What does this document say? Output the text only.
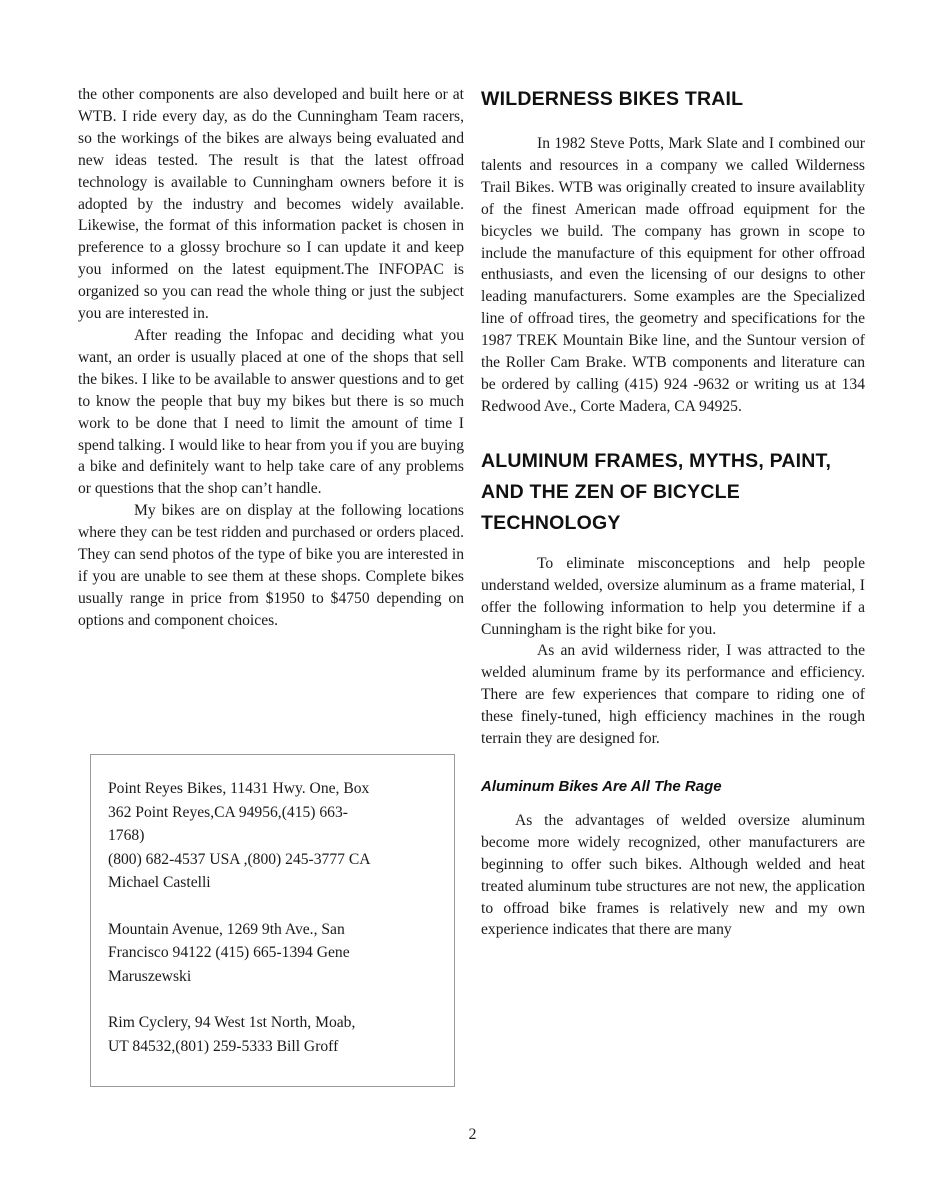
the other components are also developed and built here or at WTB. I ride every day, as do the Cunningham Team racers, so the workings of the bikes are always being evaluated and new ideas tested. The result is that the latest offroad technology is available to Cunningham owners before it is adopted by the industry and becomes widely available. Likewise, the format of this information packet is chosen in preference to a glossy brochure so I can update it and keep you informed on the latest equipment.The INFOPAC is organized so you can read the whole thing or just the subject you are interested in.

After reading the Infopac and deciding what you want, an order is usually placed at one of the shops that sell the bikes. I like to be available to answer questions and to get to know the people that buy my bikes but there is so much work to be done that I need to limit the amount of time I spend talking. I would like to hear from you if you are buying a bike and definitely want to help take care of any problems or questions that the shop can’t handle.

My bikes are on display at the following locations where they can be test ridden and purchased or orders placed. They can send photos of the type of bike you are interested in if you are unable to see them at these shops. Complete bikes usually range in price from $1950 to $4750 depending on options and component choices.

Point Reyes Bikes, 11431 Hwy. One, Box
362 Point Reyes,CA 94956,(415) 663-
1768)
(800) 682-4537 USA ,(800) 245-3777 CA
Michael Castelli

Mountain Avenue, 1269 9th Ave., San
Francisco 94122 (415) 665-1394 Gene
Maruszewski

Rim Cyclery, 94 West 1st North, Moab,
UT 84532,(801) 259-5333 Bill Groff

WILDERNESS BIKES TRAIL

In 1982 Steve Potts, Mark Slate and I combined our talents and resources in a company we called Wilderness Trail Bikes. WTB was originally created to insure availablity of the finest American made offroad equipment for the bicycles we build. The company has grown in scope to include the manufacture of this equipment for other offroad enthusiasts, and even the licensing of our designs to other leading manufacturers. Some examples are the Specialized line of offroad tires, the geometry and specifications for the 1987 TREK Mountain Bike line, and the Suntour version of the Roller Cam Brake. WTB components and literature can be ordered by calling (415) 924 -9632 or writing us at 134 Redwood Ave., Corte Madera, CA 94925.

ALUMINUM FRAMES, MYTHS, PAINT, AND THE ZEN OF BICYCLE TECHNOLOGY

To eliminate misconceptions and help people understand welded, oversize aluminum as a frame material, I offer the following information to help you determine if a Cunningham is the right bike for you.

As an avid wilderness rider, I was attracted to the welded aluminum frame by its performance and efficiency. There are few experiences that compare to riding one of these finely-tuned, high efficiency machines in the rough terrain they are designed for.

Aluminum Bikes Are All The Rage

As the advantages of welded oversize aluminum become more widely recognized, other manufacturers are beginning to offer such bikes. Although welded and heat treated aluminum tube structures are not new, the application to offroad bike frames is relatively new and my own experience indicates that there are many

2
